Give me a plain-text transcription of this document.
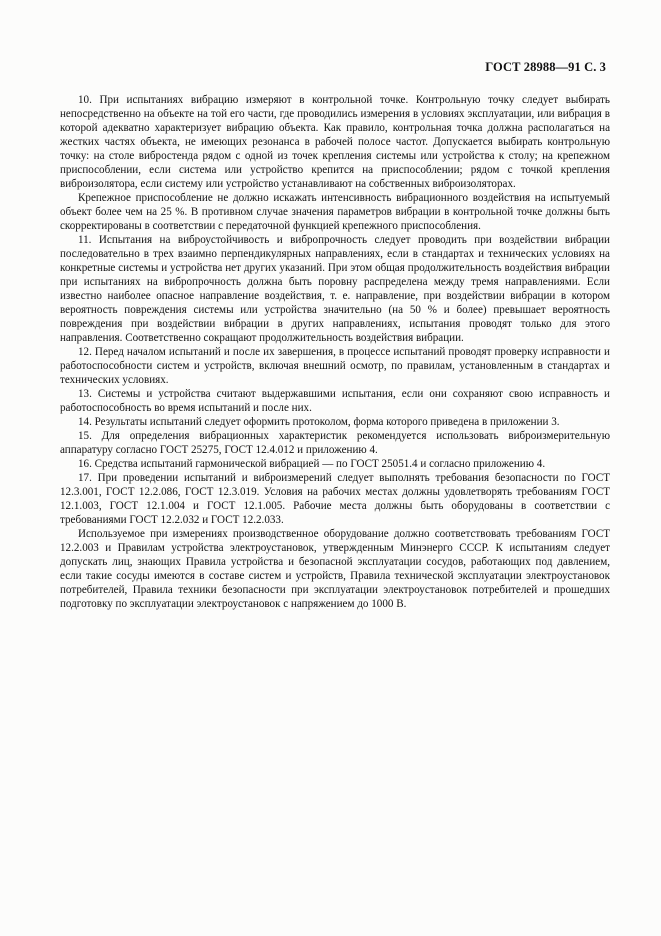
ГОСТ 28988—91 С. 3

10. При испытаниях вибрацию измеряют в контрольной точке. Контрольную точку следует выбирать непосредственно на объекте на той его части, где проводились измерения в условиях эксплуатации, или вибрация в которой адекватно характеризует вибрацию объекта. Как правило, контрольная точка должна располагаться на жестких частях объекта, не имеющих резонанса в рабочей полосе частот. Допускается выбирать контрольную точку: на столе вибростенда рядом с одной из точек крепления системы или устройства к столу; на крепежном приспособлении, если система или устройство крепится на приспособлении; рядом с точкой крепления виброизолятора, если систему или устройство устанавливают на собственных виброизоляторах.

Крепежное приспособление не должно искажать интенсивность вибрационного воздействия на испытуемый объект более чем на 25 %. В противном случае значения параметров вибрации в контрольной точке должны быть скорректированы в соответствии с передаточной функцией крепежного приспособления.

11. Испытания на виброустойчивость и вибропрочность следует проводить при воздействии вибрации последовательно в трех взаимно перпендикулярных направлениях, если в стандартах и технических условиях на конкретные системы и устройства нет других указаний. При этом общая продолжительность воздействия вибрации при испытаниях на вибропрочность должна быть поровну распределена между тремя направлениями. Если известно наиболее опасное направление воздействия, т. е. направление, при воздействии вибрации в котором вероятность повреждения системы или устройства значительно (на 50 % и более) превышает вероятность повреждения при воздействии вибрации в других направлениях, испытания проводят только для этого направления. Соответственно сокращают продолжительность воздействия вибрации.

12. Перед началом испытаний и после их завершения, в процессе испытаний проводят проверку исправности и работоспособности систем и устройств, включая внешний осмотр, по правилам, установленным в стандартах и технических условиях.

13. Системы и устройства считают выдержавшими испытания, если они сохраняют свою исправность и работоспособность во время испытаний и после них.

14. Результаты испытаний следует оформить протоколом, форма которого приведена в приложении 3.

15. Для определения вибрационных характеристик рекомендуется использовать виброизмерительную аппаратуру согласно ГОСТ 25275, ГОСТ 12.4.012 и приложению 4.

16. Средства испытаний гармонической вибрацией — по ГОСТ 25051.4 и согласно приложению 4.

17. При проведении испытаний и виброизмерений следует выполнять требования безопасности по ГОСТ 12.3.001, ГОСТ 12.2.086, ГОСТ 12.3.019. Условия на рабочих местах должны удовлетворять требованиям ГОСТ 12.1.003, ГОСТ 12.1.004 и ГОСТ 12.1.005. Рабочие места должны быть оборудованы в соответствии с требованиями ГОСТ 12.2.032 и ГОСТ 12.2.033.

Используемое при измерениях производственное оборудование должно соответствовать требованиям ГОСТ 12.2.003 и Правилам устройства электроустановок, утвержденным Минэнерго СССР. К испытаниям следует допускать лиц, знающих Правила устройства и безопасной эксплуатации сосудов, работающих под давлением, если такие сосуды имеются в составе систем и устройств, Правила технической эксплуатации электроустановок потребителей, Правила техники безопасности при эксплуатации электроустановок потребителей и прошедших подготовку по эксплуатации электроустановок с напряжением до 1000 В.
